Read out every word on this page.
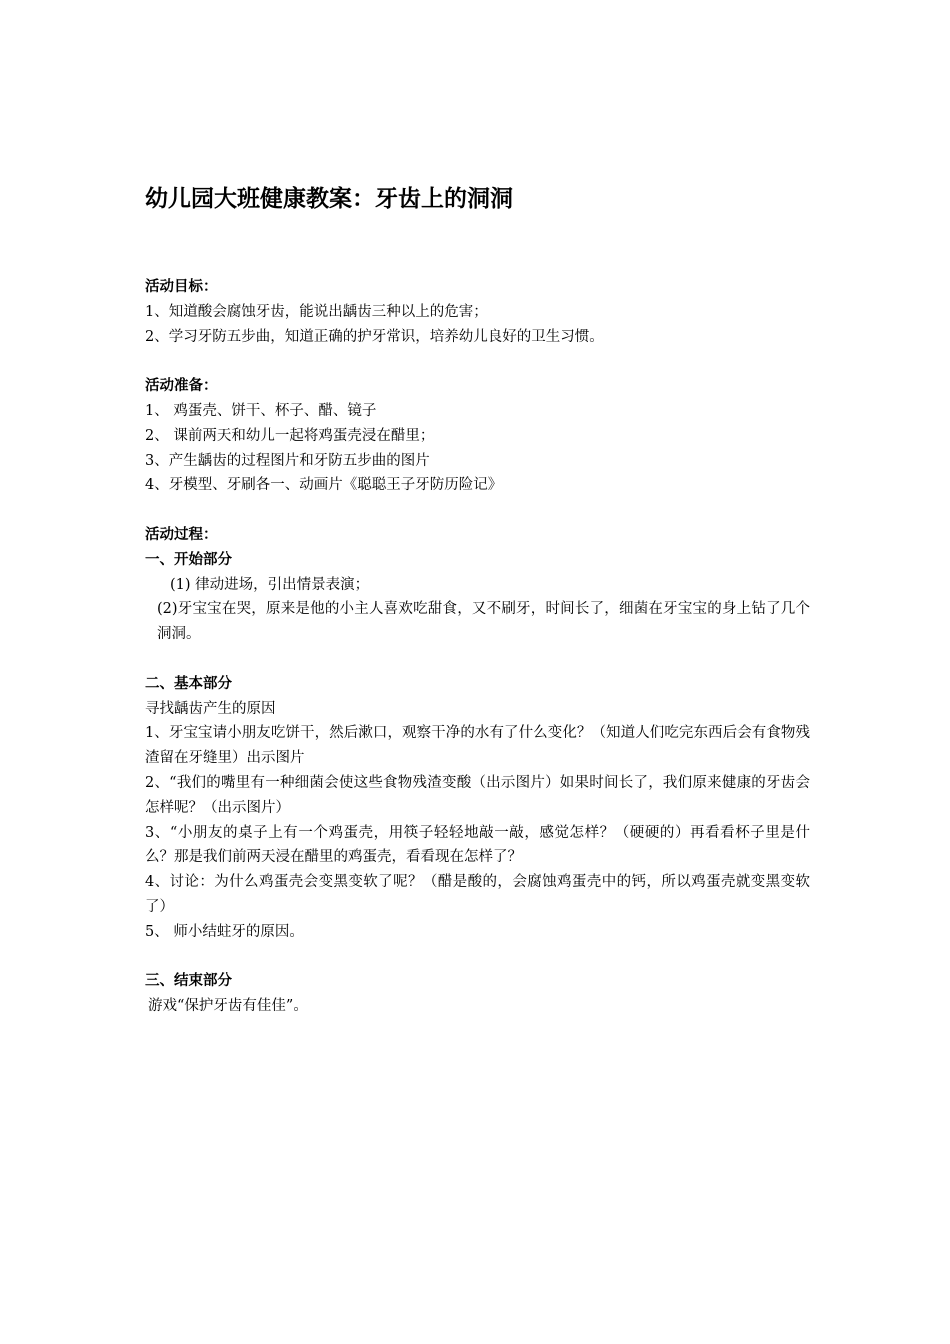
幼儿园大班健康教案：牙齿上的洞洞
活动目标：
1、知道酸会腐蚀牙齿，能说出龋齿三种以上的危害；
2、学习牙防五步曲，知道正确的护牙常识，培养幼儿良好的卫生习惯。
活动准备：
1、 鸡蛋壳、饼干、杯子、醋、镜子
2、 课前两天和幼儿一起将鸡蛋壳浸在醋里；
3、产生龋齿的过程图片和牙防五步曲的图片
4、牙模型、牙刷各一、动画片《聪聪王子牙防历险记》
活动过程：
一、开始部分
(1) 律动进场，引出情景表演；
(2)牙宝宝在哭，原来是他的小主人喜欢吃甜食，又不刷牙，时间长了，细菌在牙宝宝的身上钻了几个洞洞。
二、基本部分
寻找龋齿产生的原因
1、牙宝宝请小朋友吃饼干，然后漱口，观察干净的水有了什么变化？（知道人们吃完东西后会有食物残渣留在牙缝里）出示图片
2、“我们的嘴里有一种细菌会使这些食物残渣变酸（出示图片）如果时间长了，我们原来健康的牙齿会怎样呢？（出示图片）
3、“小朋友的桌子上有一个鸡蛋壳，用筷子轻轻地敲一敲，感觉怎样？（硬硬的）再看看杯子里是什么？那是我们前两天浸在醋里的鸡蛋壳，看看现在怎样了？
4、讨论：为什么鸡蛋壳会变黑变软了呢？（醋是酸的，会腐蚀鸡蛋壳中的钙，所以鸡蛋壳就变黑变软了）
5、 师小结蛀牙的原因。
三、结束部分
游戏“保护牙齿有佳佳”。
